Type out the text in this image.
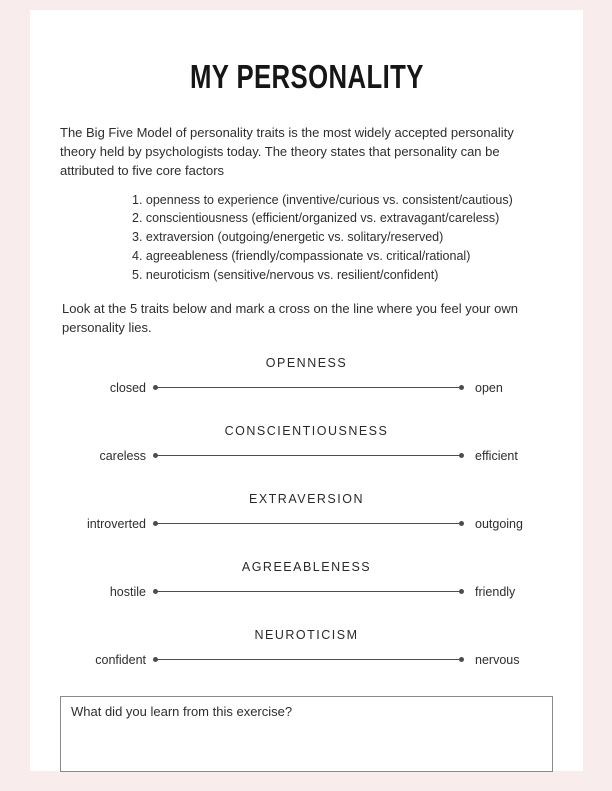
MY PERSONALITY

The Big Five Model of personality traits is the most widely accepted personality theory held by psychologists today. The theory states that personality can be attributed to five core factors

1. openness to experience (inventive/curious vs. consistent/cautious)
2. conscientiousness (efficient/organized vs. extravagant/careless)
3. extraversion (outgoing/energetic vs. solitary/reserved)
4. agreeableness (friendly/compassionate vs. critical/rational)
5. neuroticism (sensitive/nervous vs. resilient/confident)

Look at the 5 traits below and mark a cross on the line where you feel your own personality lies.

OPENNESS
closed	open
CONSCIENTIOUSNESS
careless	efficient
EXTRAVERSION
introverted	outgoing
AGREEABLENESS
hostile	friendly
NEUROTICISM
confident	nervous
What did you learn from this exercise?
